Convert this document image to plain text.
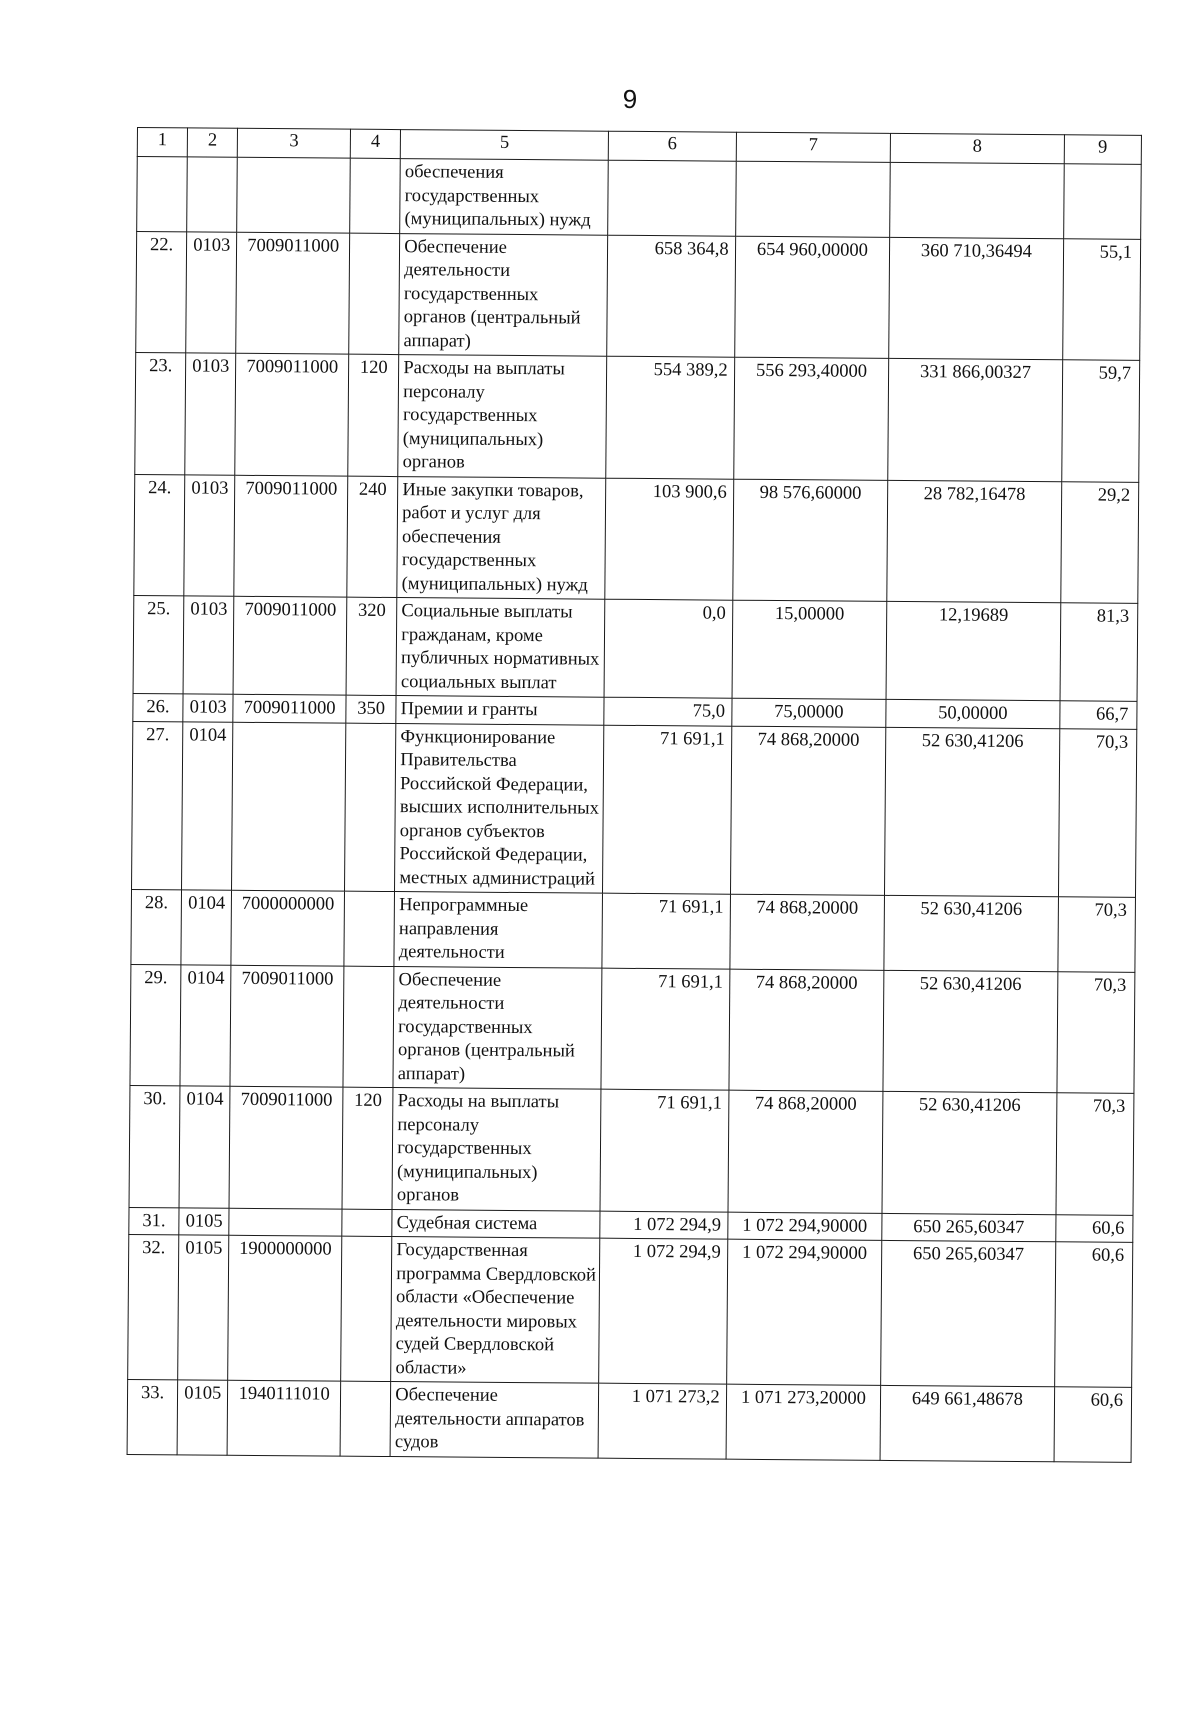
9
1	2	3	4	5	6	7	8	9
				обеспечения государственных (муниципальных) нужд				
22.	0103	7009011000		Обеспечение деятельности государственных органов (центральный аппарат)	658 364,8	654 960,00000	360 710,36494	55,1
23.	0103	7009011000	120	Расходы на выплаты персоналу государственных (муниципальных) органов	554 389,2	556 293,40000	331 866,00327	59,7
24.	0103	7009011000	240	Иные закупки товаров, работ и услуг для обеспечения государственных (муниципальных) нужд	103 900,6	98 576,60000	28 782,16478	29,2
25.	0103	7009011000	320	Социальные выплаты гражданам, кроме публичных нормативных социальных выплат	0,0	15,00000	12,19689	81,3
26.	0103	7009011000	350	Премии и гранты	75,0	75,00000	50,00000	66,7
27.	0104			Функционирование Правительства Российской Федерации, высших исполнительных органов субъектов Российской Федерации, местных администраций	71 691,1	74 868,20000	52 630,41206	70,3
28.	0104	7000000000		Непрограммные направления деятельности	71 691,1	74 868,20000	52 630,41206	70,3
29.	0104	7009011000		Обеспечение деятельности государственных органов (центральный аппарат)	71 691,1	74 868,20000	52 630,41206	70,3
30.	0104	7009011000	120	Расходы на выплаты персоналу государственных (муниципальных) органов	71 691,1	74 868,20000	52 630,41206	70,3
31.	0105			Судебная система	1 072 294,9	1 072 294,90000	650 265,60347	60,6
32.	0105	1900000000		Государственная программа Свердловской области «Обеспечение деятельности мировых судей Свердловской области»	1 072 294,9	1 072 294,90000	650 265,60347	60,6
33.	0105	1940111010		Обеспечение деятельности аппаратов судов	1 071 273,2	1 071 273,20000	649 661,48678	60,6
